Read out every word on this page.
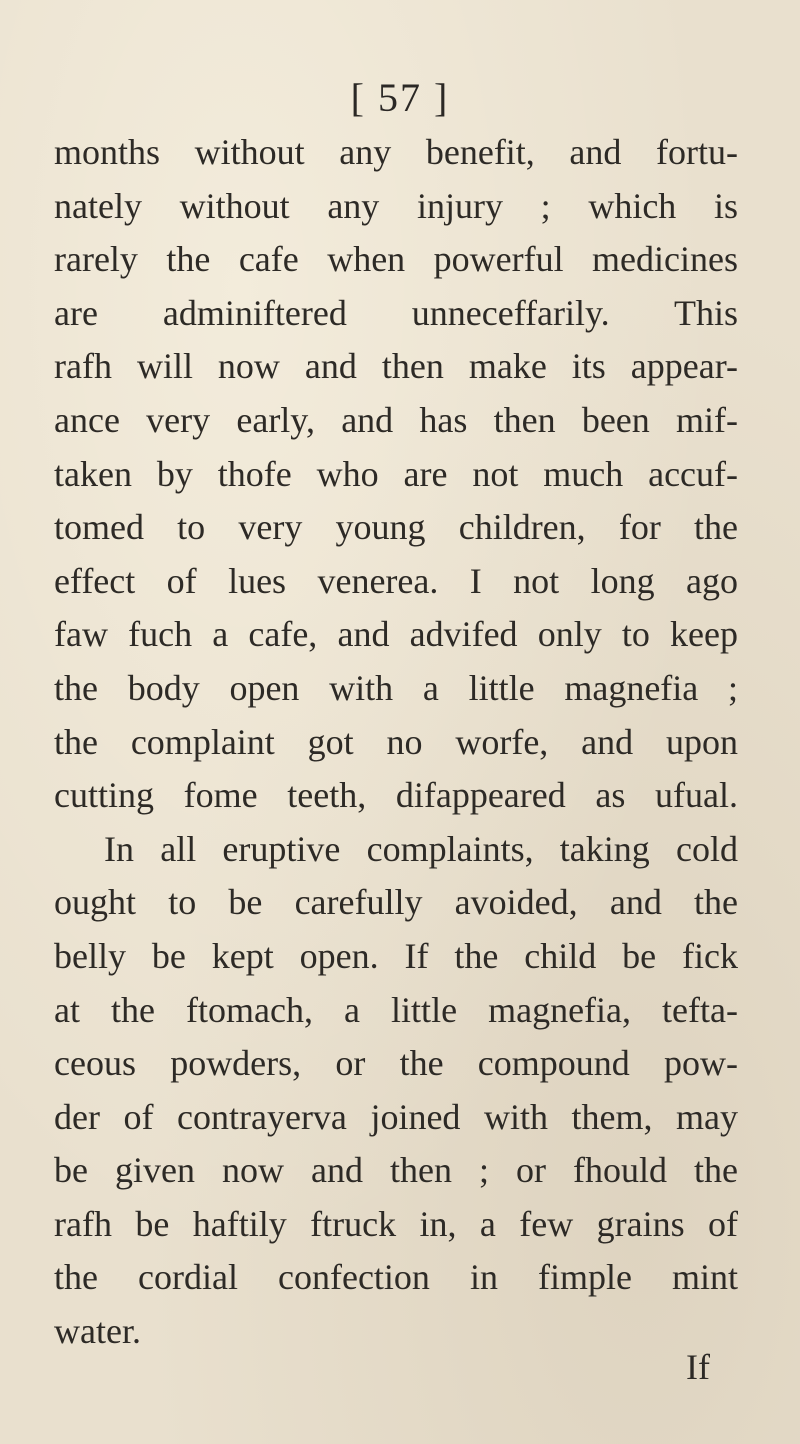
[ 57 ]
months without any benefit, and fortu-
nately without any injury ; which is
rarely the cafe when powerful medicines
are adminiftered unneceffarily. This
rafh will now and then make its appear-
ance very early, and has then been mif-
taken by thofe who are not much accuf-
tomed to very young children, for the
effect of lues venerea. I not long ago
faw fuch a cafe, and advifed only to keep
the body open with a little magnefia ;
the complaint got no worfe, and upon
cutting fome teeth, difappeared as ufual.
In all eruptive complaints, taking cold
ought to be carefully avoided, and the
belly be kept open. If the child be fick
at the ftomach, a little magnefia, tefta-
ceous powders, or the compound pow-
der of contrayerva joined with them, may
be given now and then ; or fhould the
rafh be haftily ftruck in, a few grains of
the cordial confection in fimple mint
water.
If
